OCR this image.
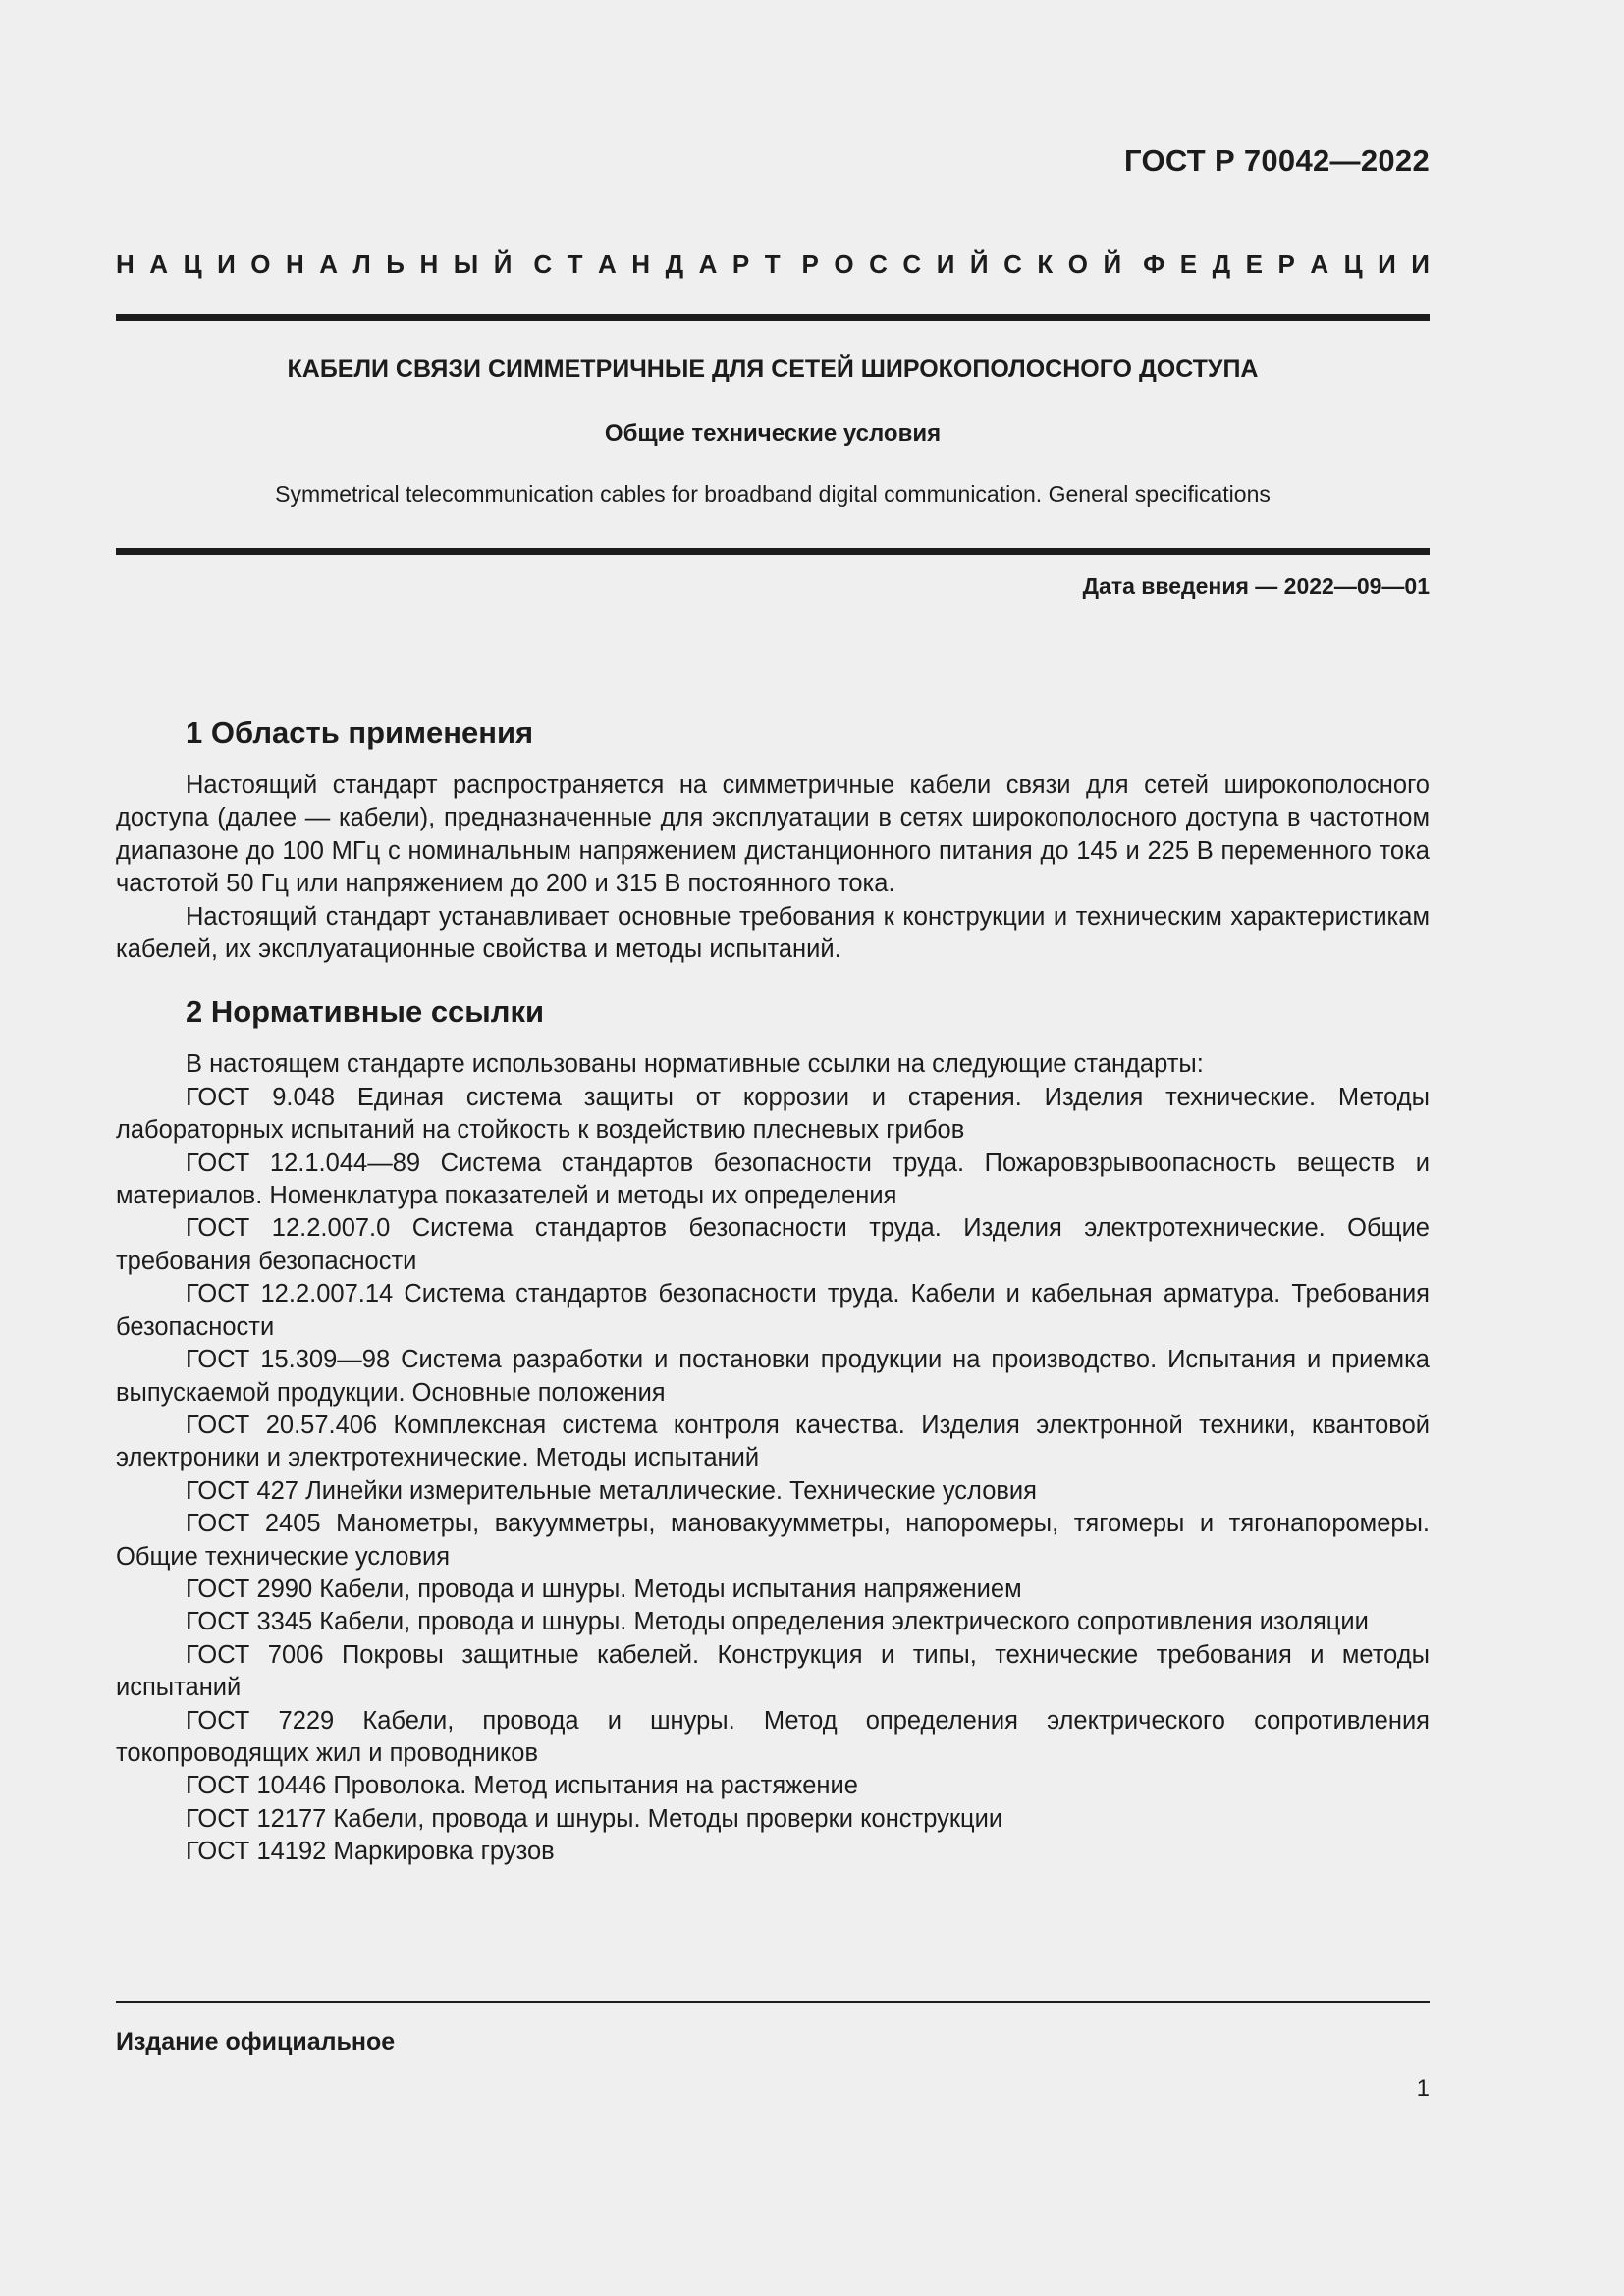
ГОСТ Р 70042—2022
Н А Ц И О Н А Л Ь Н Ы Й С Т А Н Д А Р Т Р О С С И Й С К О Й Ф Е Д Е Р А Ц И И
КАБЕЛИ СВЯЗИ СИММЕТРИЧНЫЕ ДЛЯ СЕТЕЙ ШИРОКОПОЛОСНОГО ДОСТУПА
Общие технические условия
Symmetrical telecommunication cables for broadband digital communication. General specifications
Дата введения — 2022—09—01
1 Область применения

Настоящий стандарт распространяется на симметричные кабели связи для сетей широкополосного доступа (далее — кабели), предназначенные для эксплуатации в сетях широкополосного доступа в частотном диапазоне до 100 МГц с номинальным напряжением дистанционного питания до 145 и 225 В переменного тока частотой 50 Гц или напряжением до 200 и 315 В постоянного тока.

Настоящий стандарт устанавливает основные требования к конструкции и техническим характеристикам кабелей, их эксплуатационные свойства и методы испытаний.

2 Нормативные ссылки

В настоящем стандарте использованы нормативные ссылки на следующие стандарты:

ГОСТ 9.048 Единая система защиты от коррозии и старения. Изделия технические. Методы лабораторных испытаний на стойкость к воздействию плесневых грибов

ГОСТ 12.1.044—89 Система стандартов безопасности труда. Пожаровзрывоопасность веществ и материалов. Номенклатура показателей и методы их определения

ГОСТ 12.2.007.0 Система стандартов безопасности труда. Изделия электротехнические. Общие требования безопасности

ГОСТ 12.2.007.14 Система стандартов безопасности труда. Кабели и кабельная арматура. Требования безопасности

ГОСТ 15.309—98 Система разработки и постановки продукции на производство. Испытания и приемка выпускаемой продукции. Основные положения

ГОСТ 20.57.406 Комплексная система контроля качества. Изделия электронной техники, квантовой электроники и электротехнические. Методы испытаний

ГОСТ 427 Линейки измерительные металлические. Технические условия

ГОСТ 2405 Манометры, вакуумметры, мановакуумметры, напоромеры, тягомеры и тягонапоромеры. Общие технические условия

ГОСТ 2990 Кабели, провода и шнуры. Методы испытания напряжением

ГОСТ 3345 Кабели, провода и шнуры. Методы определения электрического сопротивления изоляции

ГОСТ 7006 Покровы защитные кабелей. Конструкция и типы, технические требования и методы испытаний

ГОСТ 7229 Кабели, провода и шнуры. Метод определения электрического сопротивления токопроводящих жил и проводников

ГОСТ 10446 Проволока. Метод испытания на растяжение

ГОСТ 12177 Кабели, провода и шнуры. Методы проверки конструкции

ГОСТ 14192 Маркировка грузов

Издание официальное
1
